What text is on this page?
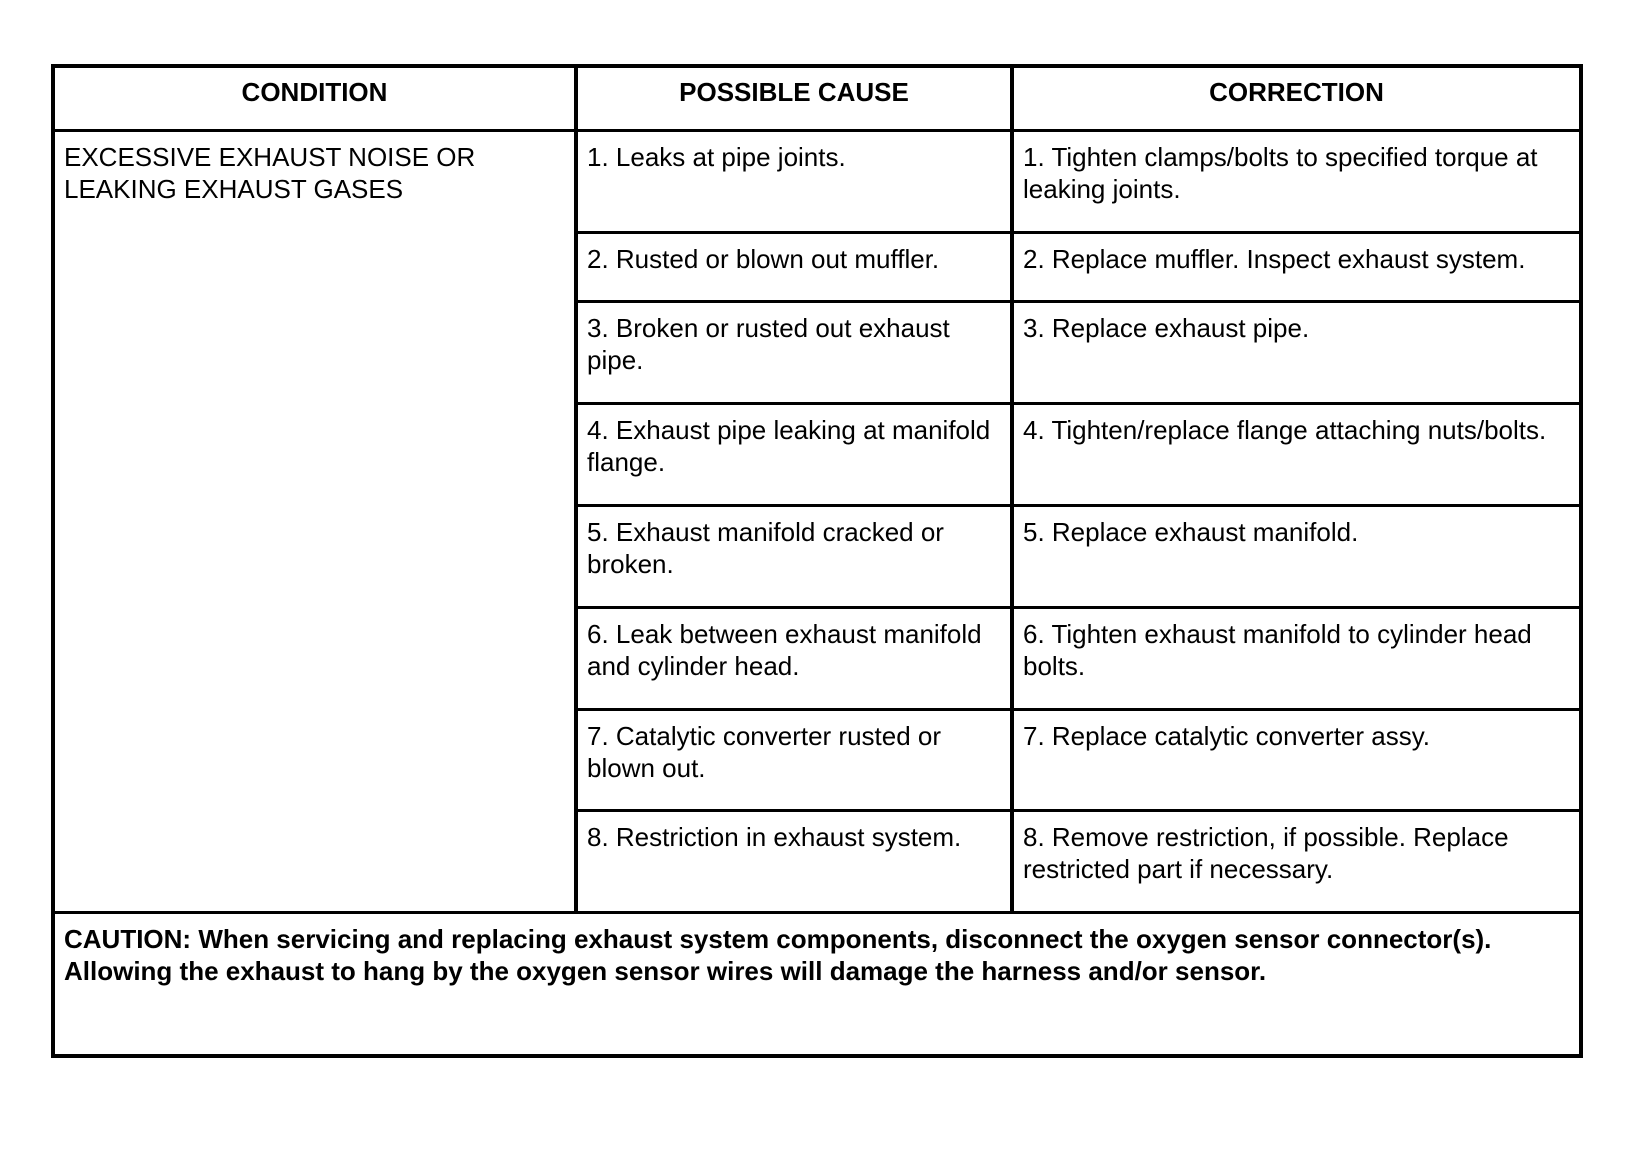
CONDITION	POSSIBLE CAUSE	CORRECTION

EXCESSIVE EXHAUST NOISE OR LEAKING EXHAUST GASES	1. Leaks at pipe joints.	1. Tighten clamps/bolts to specified torque at leaking joints.

	2. Rusted or blown out muffler.	2. Replace muffler. Inspect exhaust system.

	3. Broken or rusted out exhaust pipe.	3. Replace exhaust pipe.

	4. Exhaust pipe leaking at manifold flange.	4. Tighten/replace flange attaching nuts/bolts.

	5. Exhaust manifold cracked or broken.	5. Replace exhaust manifold.

	6. Leak between exhaust manifold and cylinder head.	6. Tighten exhaust manifold to cylinder head bolts.

	7. Catalytic converter rusted or blown out.	7. Replace catalytic converter assy.

	8. Restriction in exhaust system.	8. Remove restriction, if possible. Replace restricted part if necessary.

CAUTION: When servicing and replacing exhaust system components, disconnect the oxygen sensor connector(s). Allowing the exhaust to hang by the oxygen sensor wires will damage the harness and/or sensor.		
